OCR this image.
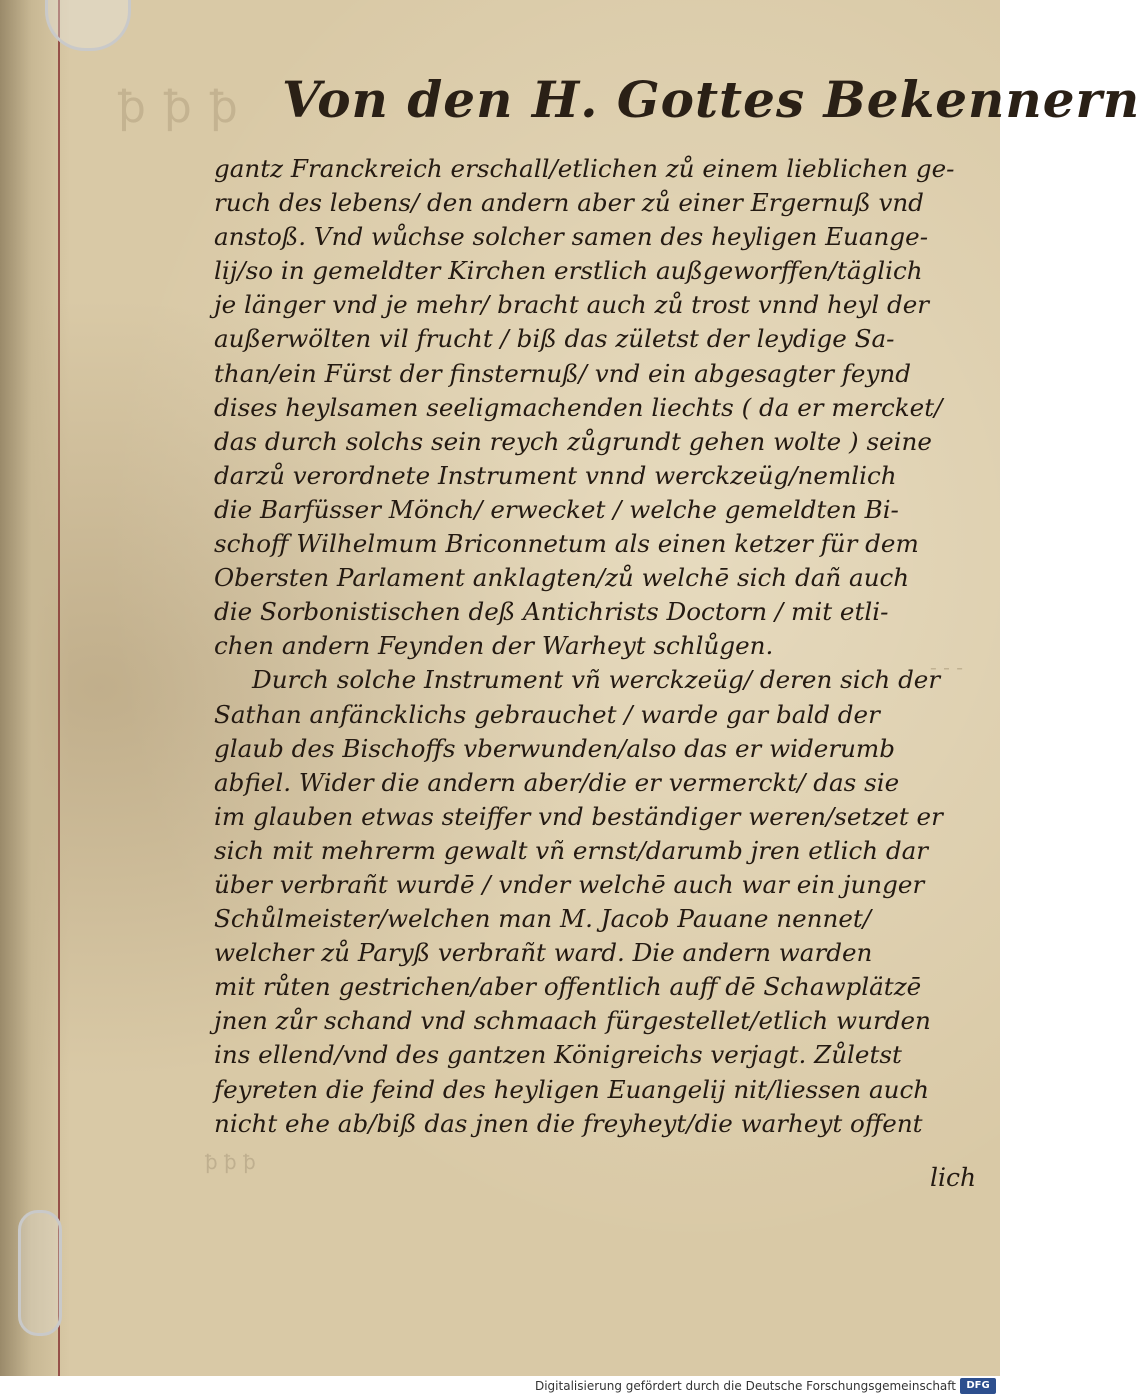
ꝥ ꝥ ꝥ
- - -
ꝥ ꝥ ꝥ
Von den H. Gottes Bekennern
gantz Franckreich erschall/etlichen zů einem lieblichen ge-
ruch des lebens/ den andern aber zů einer Ergernuß vnd
anstoß. Vnd wůchse solcher samen des heyligen Euange-
lij/so in gemeldter Kirchen erstlich außgeworffen/täglich
je länger vnd je mehr/ bracht auch zů trost vnnd heyl der
außerwölten vil frucht / biß das zületst der leydige Sa-
than/ein Fürst der finsternuß/ vnd ein abgesagter feynd
dises heylsamen seeligmachenden liechts ( da er mercket/
das durch solchs sein reych zůgrundt gehen wolte ) seine
darzů verordnete Instrument vnnd werckzeüg/nemlich
die Barfüsser Mönch/ erwecket / welche gemeldten Bi-
schoff Wilhelmum Briconnetum als einen ketzer für dem
Obersten Parlament anklagten/zů welchē sich dañ auch
die Sorbonistischen deß Antichrists Doctorn / mit etli-
chen andern Feynden der Warheyt schlůgen.
Durch solche Instrument vñ werckzeüg/ deren sich der
Sathan anfäncklichs gebrauchet / warde gar bald der
glaub des Bischoffs vberwunden/also das er widerumb
abfiel. Wider die andern aber/die er vermerckt/ das sie
im glauben etwas steiffer vnd beständiger weren/setzet er
sich mit mehrerm gewalt vñ ernst/darumb jren etlich dar
über verbrañt wurdē / vnder welchē auch war ein junger
Schůlmeister/welchen man M. Jacob Pauane nennet/
welcher zů Paryß verbrañt ward. Die andern warden
mit růten gestrichen/aber offentlich auff dē Schawplätzē
jnen zůr schand vnd schmaach fürgestellet/etlich wurden
ins ellend/vnd des gantzen Königreichs verjagt. Zůletst
feyreten die feind des heyligen Euangelij nit/liessen auch
nicht ehe ab/biß das jnen die freyheyt/die warheyt offent
lich
Digitalisierung gefördert durch die Deutsche Forschungsgemeinschaft	DFG
